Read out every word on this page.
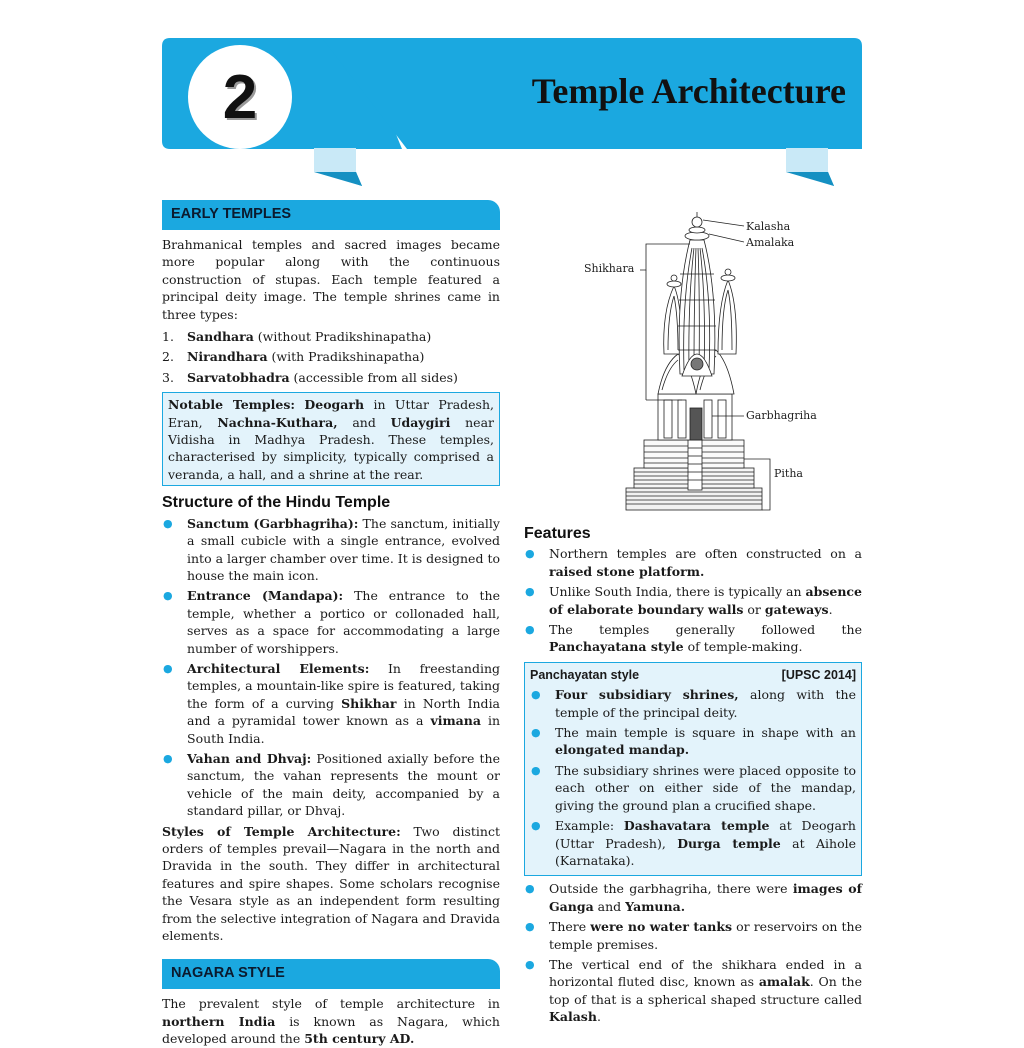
2	Temple Architecture
EARLY TEMPLES

Brahmanical temples and sacred images became more popular along with the continuous construction of stupas. Each temple featured a principal deity image. The temple shrines came in three types:

1.	Sandhara (without Pradikshinapatha)
2.	Nirandhara (with Pradikshinapatha)
3.	Sarvatobhadra (accessible from all sides)
Notable Temples: Deogarh in Uttar Pradesh, Eran, Nachna-Kuthara, and Udaygiri near Vidisha in Madhya Pradesh. These temples, characterised by simplicity, typically comprised a veranda, a hall, and a shrine at the rear.
Structure of the Hindu Temple
●	Sanctum (Garbhagriha): The sanctum, initially a small cubicle with a single entrance, evolved into a larger chamber over time. It is designed to house the main icon.
●	Entrance (Mandapa): The entrance to the temple, whether a portico or collonaded hall, serves as a space for accommodating a large number of worshippers.
●	Architectural Elements: In freestanding temples, a mountain-like spire is featured, taking the form of a curving Shikhar in North India and a pyramidal tower known as a vimana in South India.
●	Vahan and Dhvaj: Positioned axially before the sanctum, the vahan represents the mount or vehicle of the main deity, accompanied by a standard pillar, or Dhvaj.

Styles of Temple Architecture: Two distinct orders of temples prevail—Nagara in the north and Dravida in the south. They differ in architectural features and spire shapes. Some scholars recognise the Vesara style as an independent form resulting from the selective integration of Nagara and Dravida elements.

NAGARA STYLE

The prevalent style of temple architecture in northern India is known as Nagara, which developed around the 5th century AD.

Kalasha
Amalaka
Shikhara
Garbhagriha
Pitha
Features
●	Northern temples are often constructed on a raised stone platform.
●	Unlike South India, there is typically an absence of elaborate boundary walls or gateways.
●	The temples generally followed the Panchayatana style of temple-making.
Panchayatan style	[UPSC 2014]
●	Four subsidiary shrines, along with the temple of the principal deity.
●	The main temple is square in shape with an elongated mandap.
●	The subsidiary shrines were placed opposite to each other on either side of the mandap, giving the ground plan a crucified shape.
●	Example: Dashavatara temple at Deogarh (Uttar Pradesh), Durga temple at Aihole (Karnataka).
●	Outside the garbhagriha, there were images of Ganga and Yamuna.
●	There were no water tanks or reservoirs on the temple premises.
●	The vertical end of the shikhara ended in a horizontal fluted disc, known as amalak. On the top of that is a spherical shaped structure called Kalash.
